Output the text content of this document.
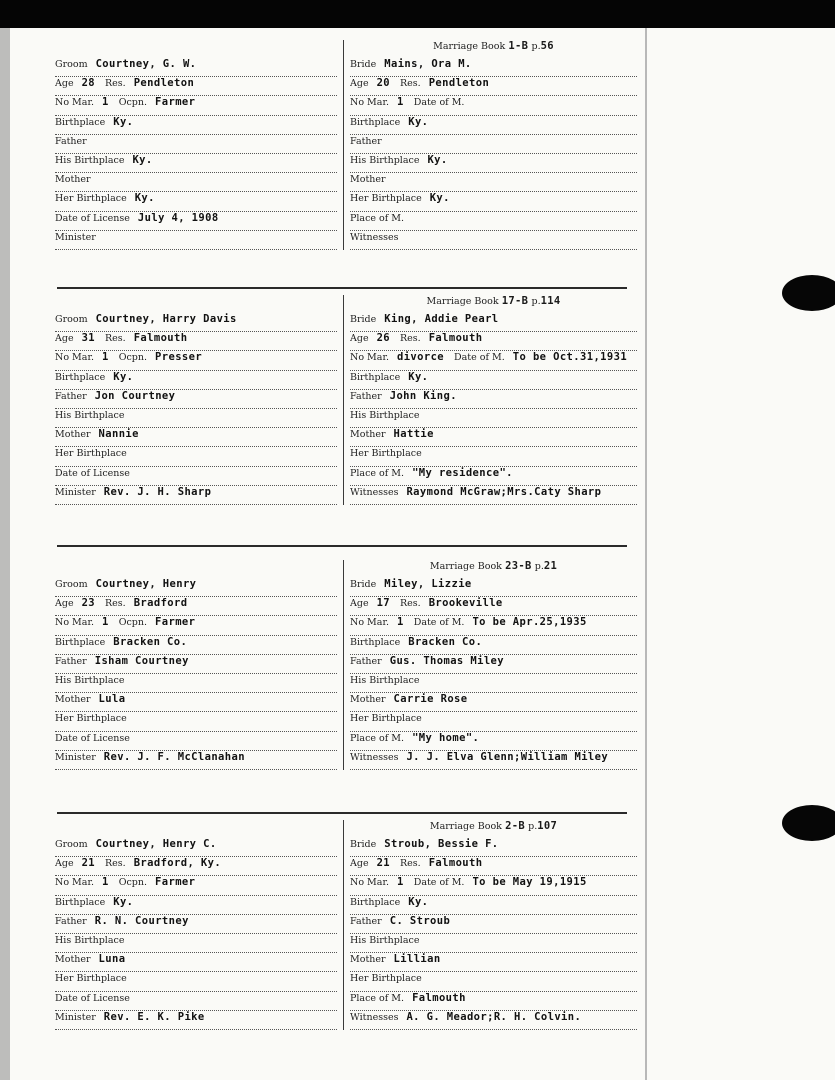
Groom Courtney, G. W.
Age 28 Res. Pendleton
No Mar. 1 Ocpn. Farmer
Birthplace Ky.
Father
His Birthplace Ky.
Mother
Her Birthplace Ky.
Date of License July 4, 1908
Minister
Marriage Book 1-B p.56
Bride Mains, Ora M.
Age 20 Res. Pendleton
No Mar. 1 Date of M.
Birthplace Ky.
Father
His Birthplace Ky.
Mother
Her Birthplace Ky.
Place of M.
Witnesses
Groom Courtney, Harry Davis
Age 31 Res. Falmouth
No Mar. 1 Ocpn. Presser
Birthplace Ky.
Father Jon Courtney
His Birthplace
Mother Nannie
Her Birthplace
Date of License
Minister Rev. J. H. Sharp
Marriage Book 17-B p.114
Bride King, Addie Pearl
Age 26 Res. Falmouth
No Mar. divorce Date of M. To be Oct.31,1931
Birthplace Ky.
Father John King.
His Birthplace
Mother Hattie
Her Birthplace
Place of M. "My residence".
Witnesses Raymond McGraw;Mrs.Caty Sharp
Groom Courtney, Henry
Age 23 Res. Bradford
No Mar. 1 Ocpn. Farmer
Birthplace Bracken Co.
Father Isham Courtney
His Birthplace
Mother Lula
Her Birthplace
Date of License
Minister Rev. J. F. McClanahan
Marriage Book 23-B p.21
Bride Miley, Lizzie
Age 17 Res. Brookeville
No Mar. 1 Date of M. To be Apr.25,1935
Birthplace Bracken Co.
Father Gus. Thomas Miley
His Birthplace
Mother Carrie Rose
Her Birthplace
Place of M. "My home".
Witnesses J. J. Elva Glenn;William Miley
Groom Courtney, Henry C.
Age 21 Res. Bradford, Ky.
No Mar. 1 Ocpn. Farmer
Birthplace Ky.
Father R. N. Courtney
His Birthplace
Mother Luna
Her Birthplace
Date of License
Minister Rev. E. K. Pike
Marriage Book 2-B p.107
Bride Stroub, Bessie F.
Age 21 Res. Falmouth
No Mar. 1 Date of M. To be May 19,1915
Birthplace Ky.
Father C. Stroub
His Birthplace
Mother Lillian
Her Birthplace
Place of M. Falmouth
Witnesses A. G. Meador;R. H. Colvin.
